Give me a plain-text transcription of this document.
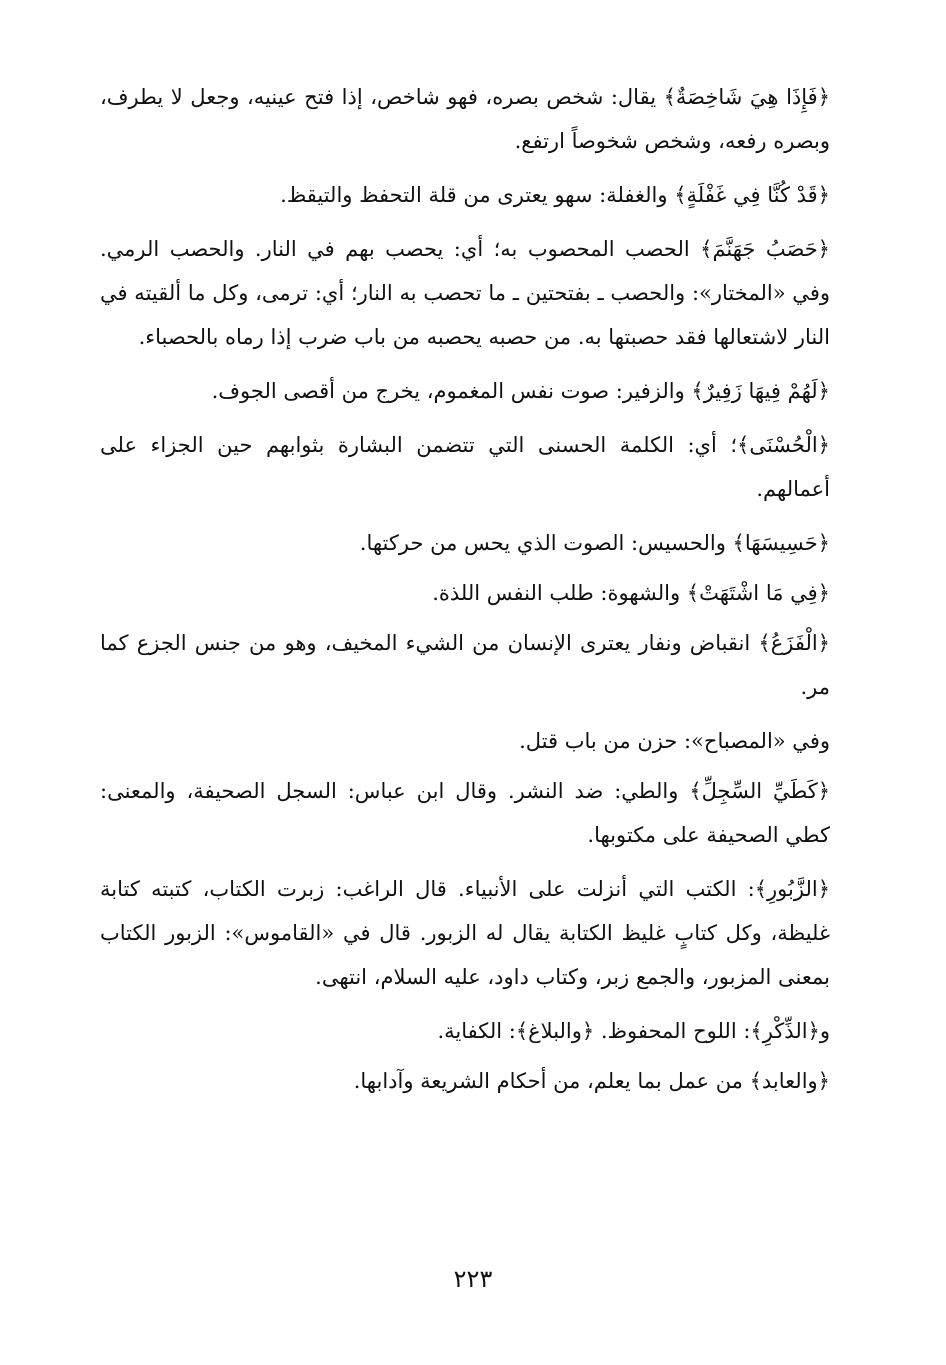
﴿فَإِذَا هِيَ شَاخِصَةٌ﴾ يقال: شخص بصره، فهو شاخص، إذا فتح عينيه، وجعل لا يطرف، وبصره رفعه، وشخص شخوصاً ارتفع.

﴿قَدْ كُنَّا فِي غَفْلَةٍ﴾ والغفلة: سهو يعترى من قلة التحفظ والتيقظ.

﴿حَصَبُ جَهَنَّمَ﴾ الحصب المحصوب به؛ أي: يحصب بهم في النار. والحصب الرمي. وفي «المختار»: والحصب ـ بفتحتين ـ ما تحصب به النار؛ أي: ترمى، وكل ما ألقيته في النار لاشتعالها فقد حصبتها به. من حصبه يحصبه من باب ضرب إذا رماه بالحصباء.

﴿لَهُمْ فِيهَا زَفِيرٌ﴾ والزفير: صوت نفس المغموم، يخرج من أقصى الجوف.

﴿الْحُسْنَى﴾؛ أي: الكلمة الحسنى التي تتضمن البشارة بثوابهم حين الجزاء على أعمالهم.

﴿حَسِيسَهَا﴾ والحسيس: الصوت الذي يحس من حركتها.

﴿فِي مَا اشْتَهَتْ﴾ والشهوة: طلب النفس اللذة.

﴿الْفَزَعُ﴾ انقباض ونفار يعترى الإنسان من الشيء المخيف، وهو من جنس الجزع كما مر.

وفي «المصباح»: حزن من باب قتل.

﴿كَطَيِّ السِّجِلِّ﴾ والطي: ضد النشر. وقال ابن عباس: السجل الصحيفة، والمعنى: كطي الصحيفة على مكتوبها.

﴿الزَّبُورِ﴾: الكتب التي أنزلت على الأنبياء. قال الراغب: زبرت الكتاب، كتبته كتابة غليظة، وكل كتابٍ غليظ الكتابة يقال له الزبور. قال في «القاموس»: الزبور الكتاب بمعنى المزبور، والجمع زبر، وكتاب داود، عليه السلام، انتهى.

و﴿الذِّكْرِ﴾: اللوح المحفوظ. ﴿والبلاغ﴾: الكفاية.

﴿والعابد﴾ من عمل بما يعلم، من أحكام الشريعة وآدابها.

٢٢٣
